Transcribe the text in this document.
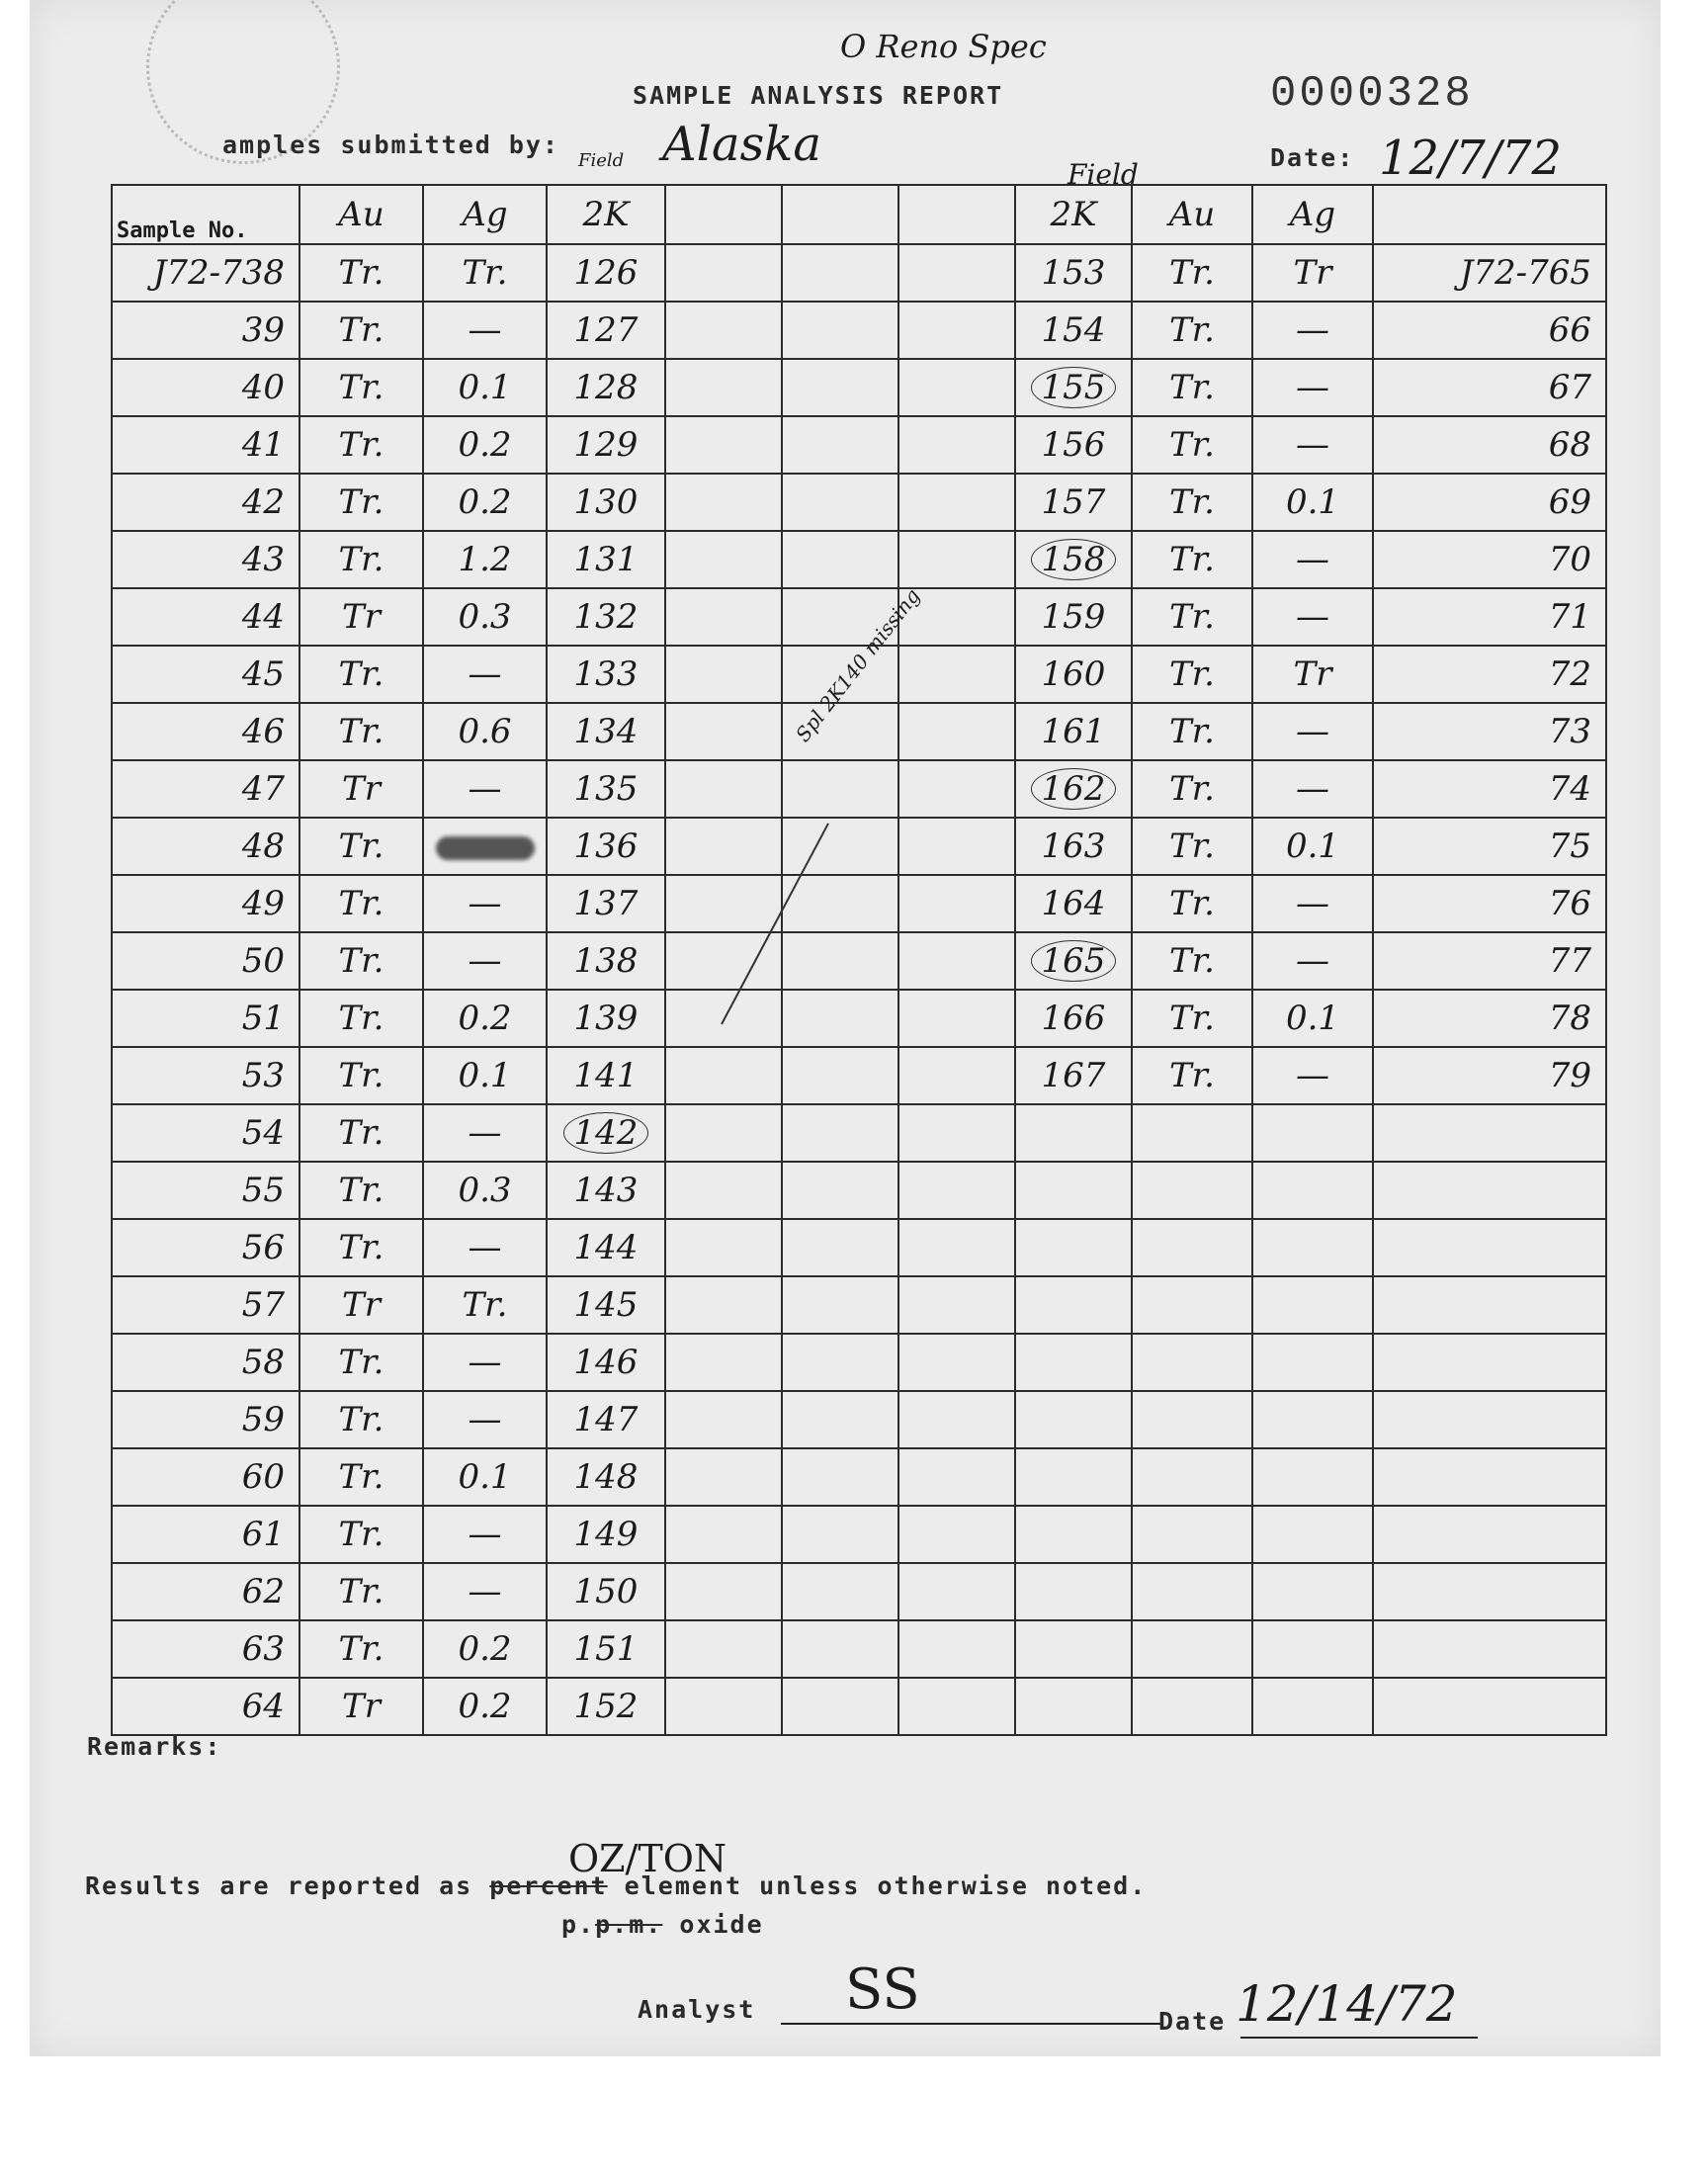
O Reno Spec
0000328
SAMPLE ANALYSIS REPORT
amples submitted by: Alaska
Field	Field
Date: 12/7/72
Sample No.	Au	Ag	2K				2K	Au	Ag	
J72-738	Tr.	Tr.	126				153	Tr.	Tr	J72-765
39	Tr.	—	127				154	Tr.	—	66
40	Tr.	0.1	128				155	Tr.	—	67
41	Tr.	0.2	129				156	Tr.	—	68
42	Tr.	0.2	130				157	Tr.	0.1	69
43	Tr.	1.2	131				158	Tr.	—	70
44	Tr	0.3	132				159	Tr.	—	71
45	Tr.	—	133				160	Tr.	Tr	72
46	Tr.	0.6	134				161	Tr.	—	73
47	Tr	—	135				162	Tr.	—	74
48	Tr.		136				163	Tr.	0.1	75
49	Tr.	—	137				164	Tr.	—	76
50	Tr.	—	138				165	Tr.	—	77
51	Tr.	0.2	139				166	Tr.	0.1	78
53	Tr.	0.1	141				167	Tr.	—	79
54	Tr.	—	142							
55	Tr.	0.3	143							
56	Tr.	—	144							
57	Tr	Tr.	145							
58	Tr.	—	146							
59	Tr.	—	147							
60	Tr.	0.1	148							
61	Tr.	—	149							
62	Tr.	—	150							
63	Tr.	0.2	151							
64	Tr	0.2	152							
Spl 2K140 missing
Remarks:
OZ/TON
Results are reported as percent element unless otherwise noted.
p.p.m. oxide
Analyst SS	Date 12/14/72
